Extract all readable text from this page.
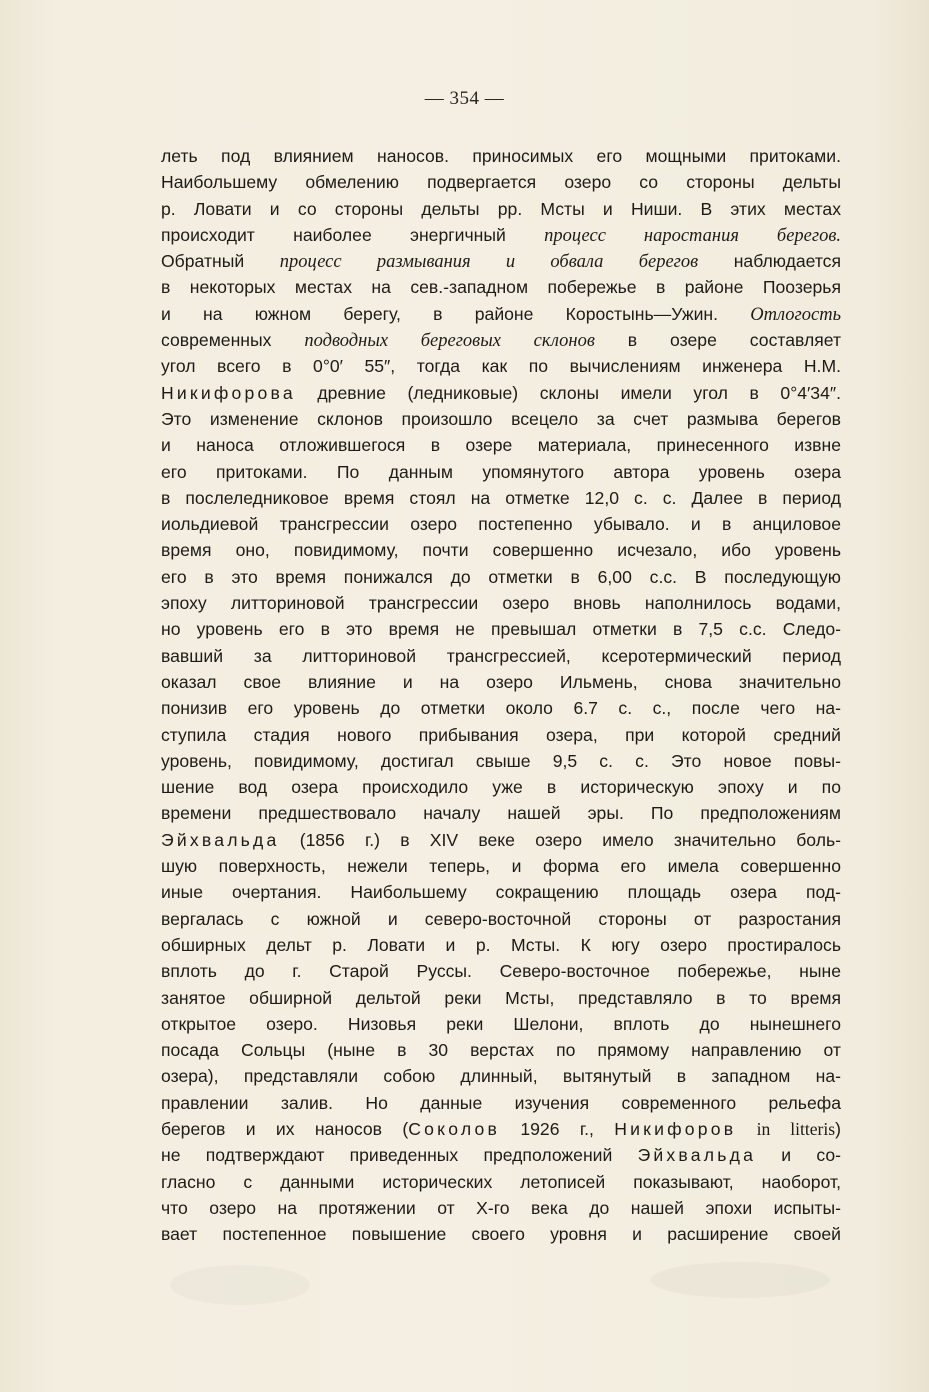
— 354 —
леть под влиянием наносов. приносимых его мощными притоками.
Наибольшему обмелению подвергается озеро со стороны дельты
р. Ловати и со стороны дельты рр. Мсты и Ниши. В этих местах
происходит наиболее энергичный процесс наростания берегов.
Обратный процесс размывания и обвала берегов наблюдается
в некоторых местах на сев.-западном побережье в районе Поозерья
и на южном берегу, в районе Коростынь—Ужин. Отлогость
современных подводных береговых склонов в озере составляет
угол всего в 0°0′ 55″, тогда как по вычислениям инженера Н.М.
Никифорова древние (ледниковые) склоны имели угол в 0°4′34″.
Это изменение склонов произошло всецело за счет размыва берегов
и наноса отложившегося в озере материала, принесенного извне
его притоками. По данным упомянутого автора уровень озера
в послеледниковое время стоял на отметке 12,0 с. с. Далее в период
иольдиевой трансгрессии озеро постепенно убывало. и в анциловое
время оно, повидимому, почти совершенно исчезало, ибо уровень
его в это время понижался до отметки в 6,00 с.с. В последующую
эпоху литториновой трансгрессии озеро вновь наполнилось водами,
но уровень его в это время не превышал отметки в 7,5 с.с. Следо-
вавший за литториновой трансгрессией, ксеротермический период
оказал свое влияние и на озеро Ильмень, снова значительно
понизив его уровень до отметки около 6.7 с. с., после чего на-
ступила стадия нового прибывания озера, при которой средний
уровень, повидимому, достигал свыше 9,5 с. с. Это новое повы-
шение вод озера происходило уже в историческую эпоху и по
времени предшествовало началу нашей эры. По предположениям
Эйхвальда (1856 г.) в XIV веке озеро имело значительно боль-
шую поверхность, нежели теперь, и форма его имела совершенно
иные очертания. Наибольшему сокращению площадь озера под-
вергалась с южной и северо-восточной стороны от разростания
обширных дельт р. Ловати и р. Мсты. К югу озеро простиралось
вплоть до г. Старой Руссы. Северо-восточное побережье, ныне
занятое обширной дельтой реки Мсты, представляло в то время
открытое озеро. Низовья реки Шелони, вплоть до нынешнего
посада Сольцы (ныне в 30 верстах по прямому направлению от
озера), представляли собою длинный, вытянутый в западном на-
правлении залив. Но данные изучения современного рельефа
берегов и их наносов (Соколов 1926 г., Никифоров in litteris)
не подтверждают приведенных предположений Эйхвальда и со-
гласно с данными исторических летописей показывают, наоборот,
что озеро на протяжении от X-го века до нашей эпохи испыты-
вает постепенное повышение своего уровня и расширение своей
